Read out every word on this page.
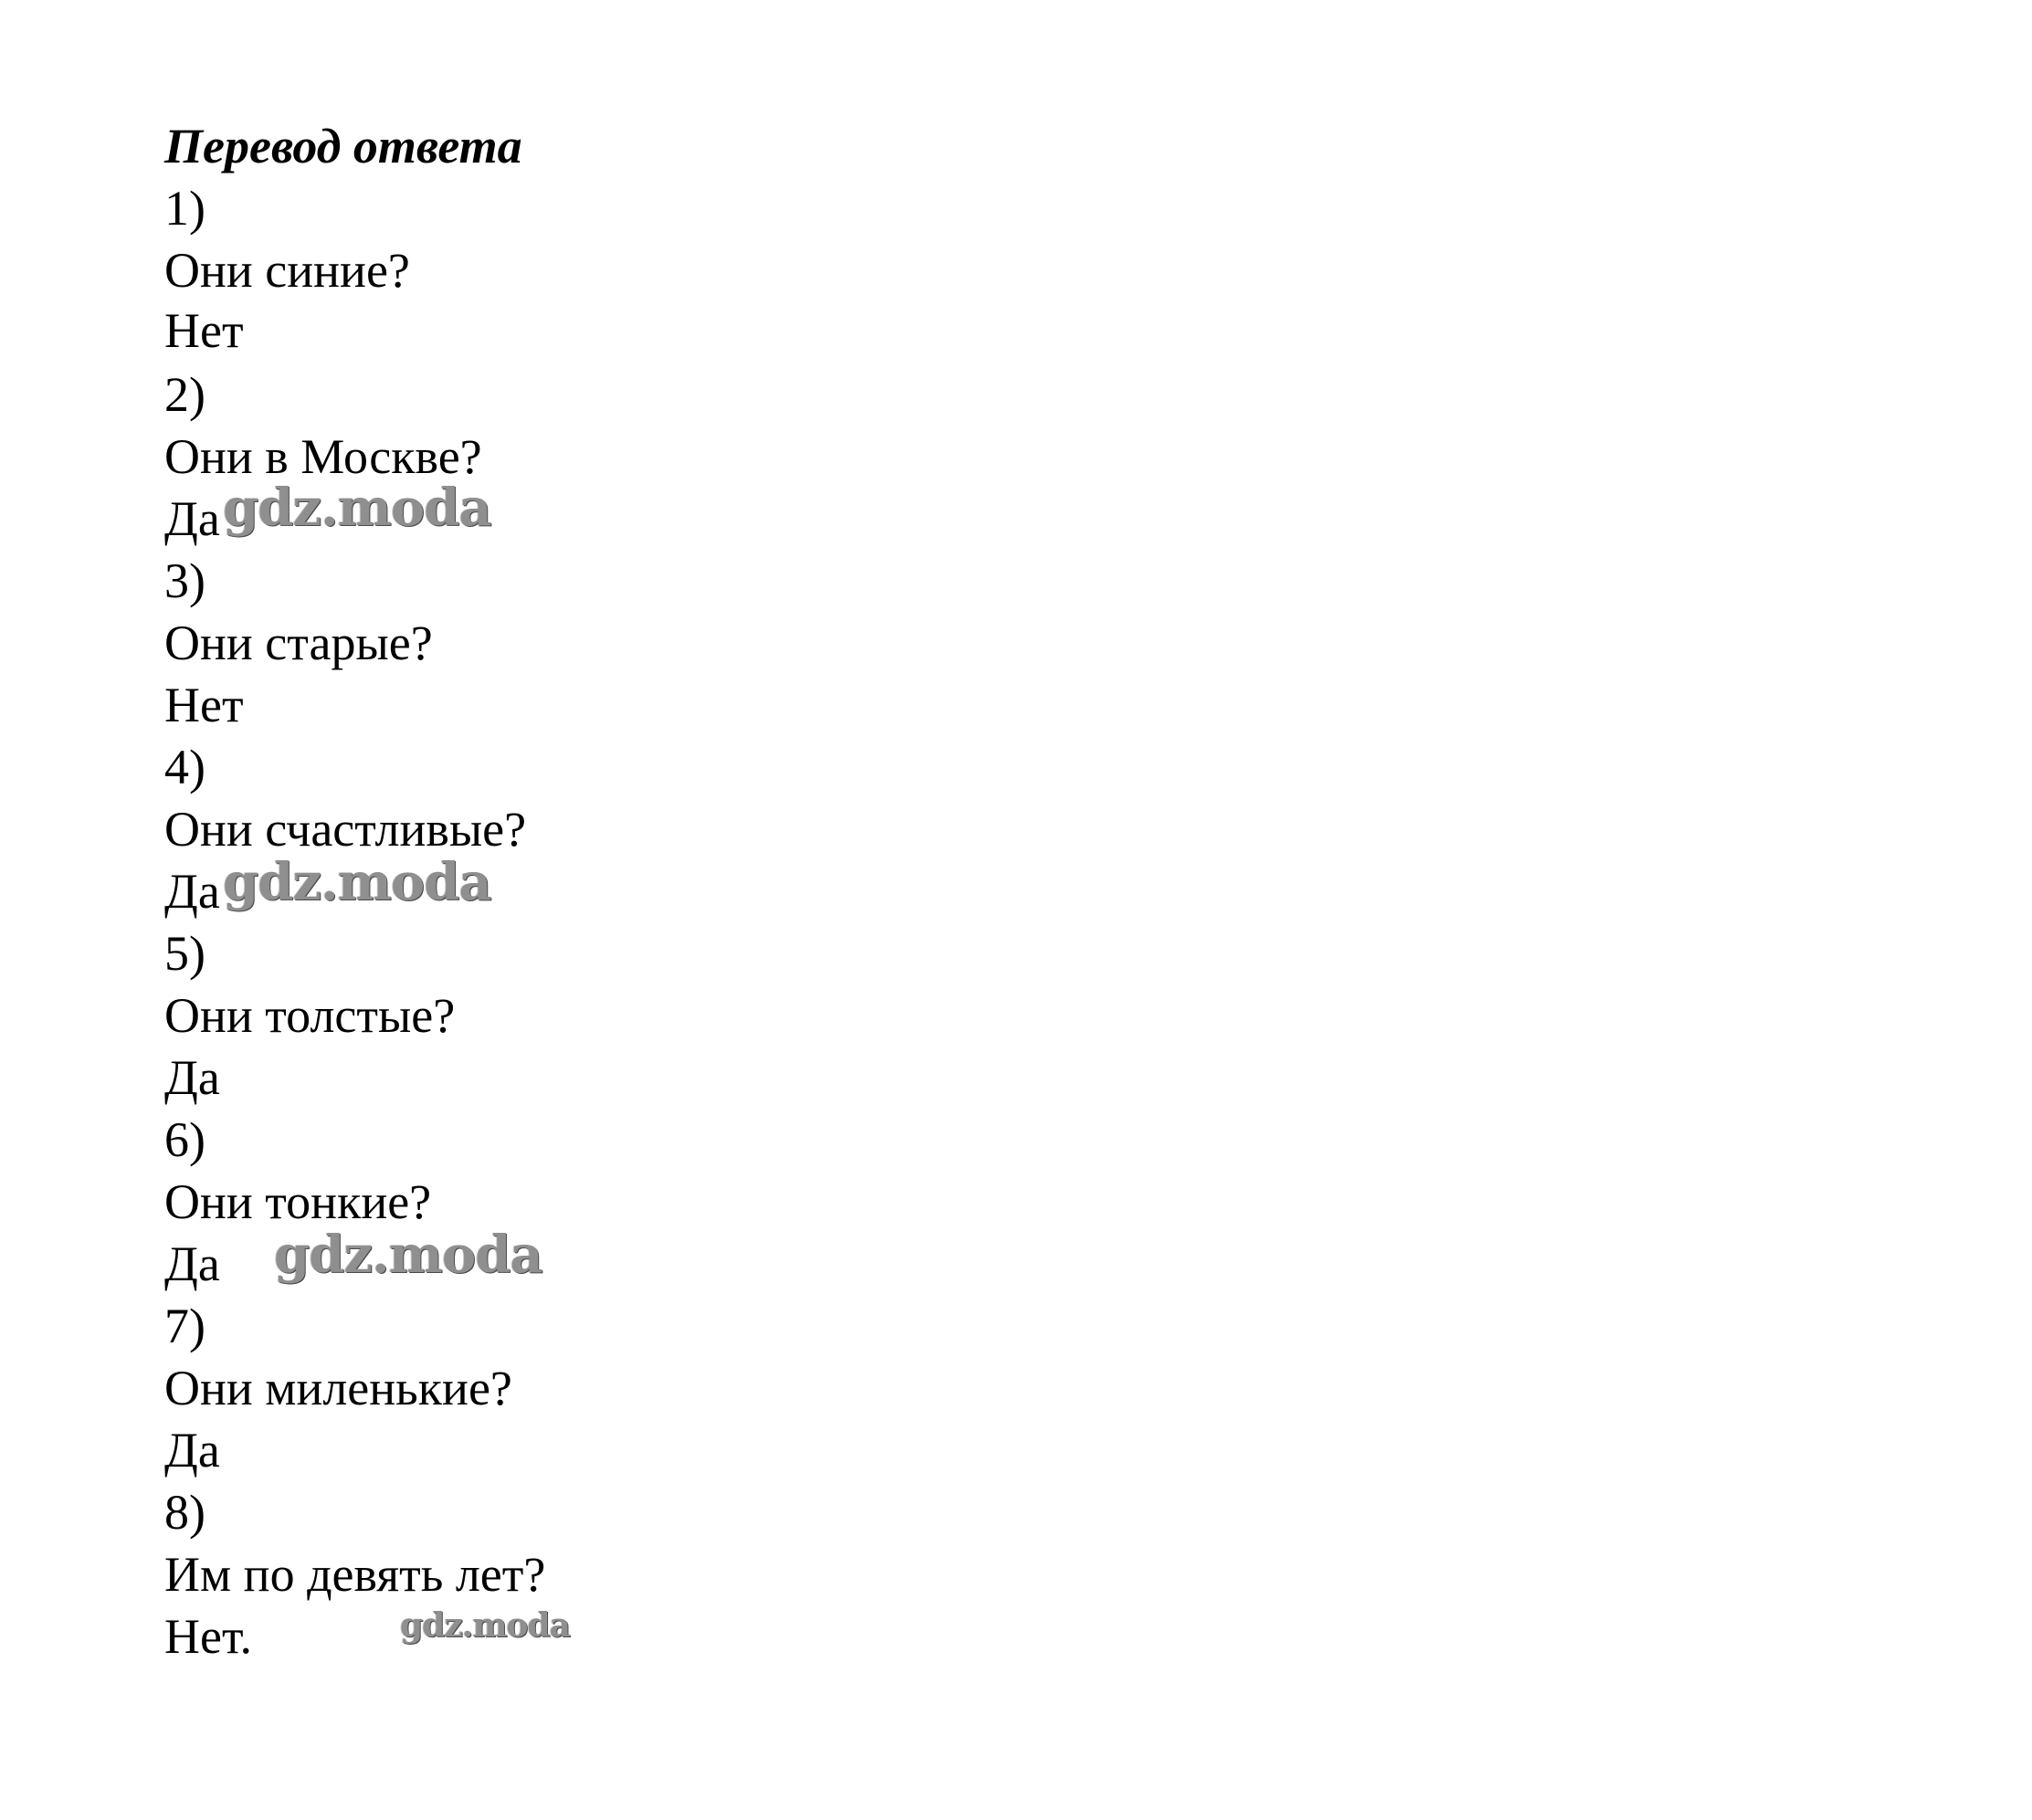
Перевод ответа
1)
Они синие?
Нет
2)
Они в Москве?
Да
3)
Они старые?
Нет
4)
Они счастливые?
Да
5)
Они толстые?
Да
6)
Они тонкие?
Да
7)
Они миленькие?
Да
8)
Им по девять лет?
Нет.
gdz.moda
gdz.moda
gdz.moda
gdz.moda
